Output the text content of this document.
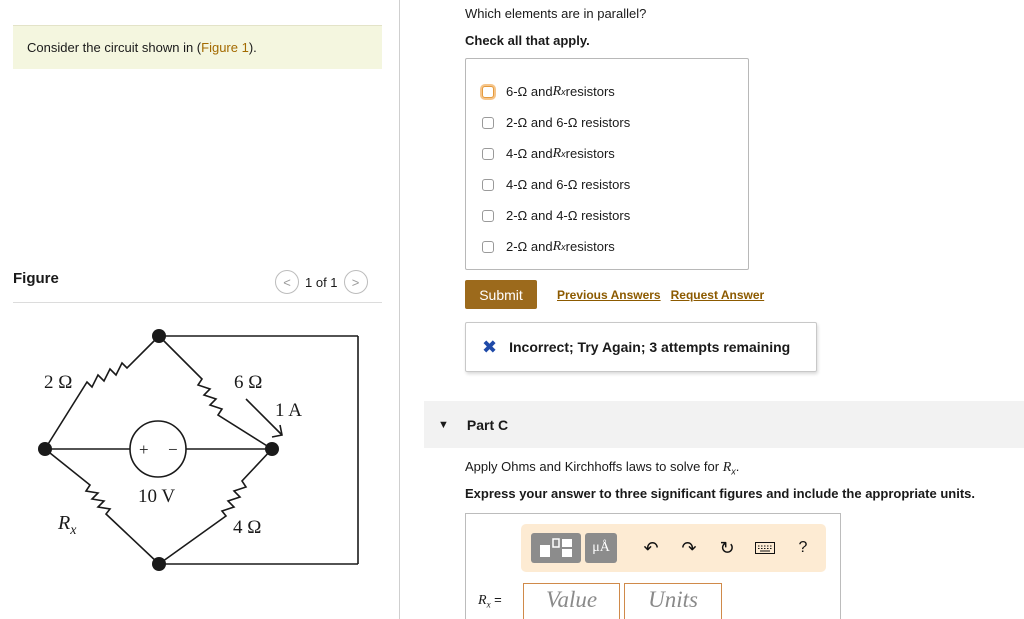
Consider the circuit shown in (Figure 1).
Figure	<	1 of 1	>
2 Ω	6 Ω
1 A
10 V
4 Ω
$R_x$
+ −
Which elements are in parallel?
Check all that apply.
6-Ω and R x resistors
2-Ω and 6-Ω resistors
4-Ω and R x resistors
4-Ω and 6-Ω resistors
2-Ω and 4-Ω resistors
2-Ω and R x resistors
Submit	Previous Answers Request Answer
✖ Incorrect; Try Again; 3 attempts remaining
▼ Part C
Apply Ohms and Kirchhoffs laws to solve for $R_x$.
Express your answer to three significant figures and include the appropriate units.
μÅ	↶	↷	↻	?
$R_x$ =	Value	Units
